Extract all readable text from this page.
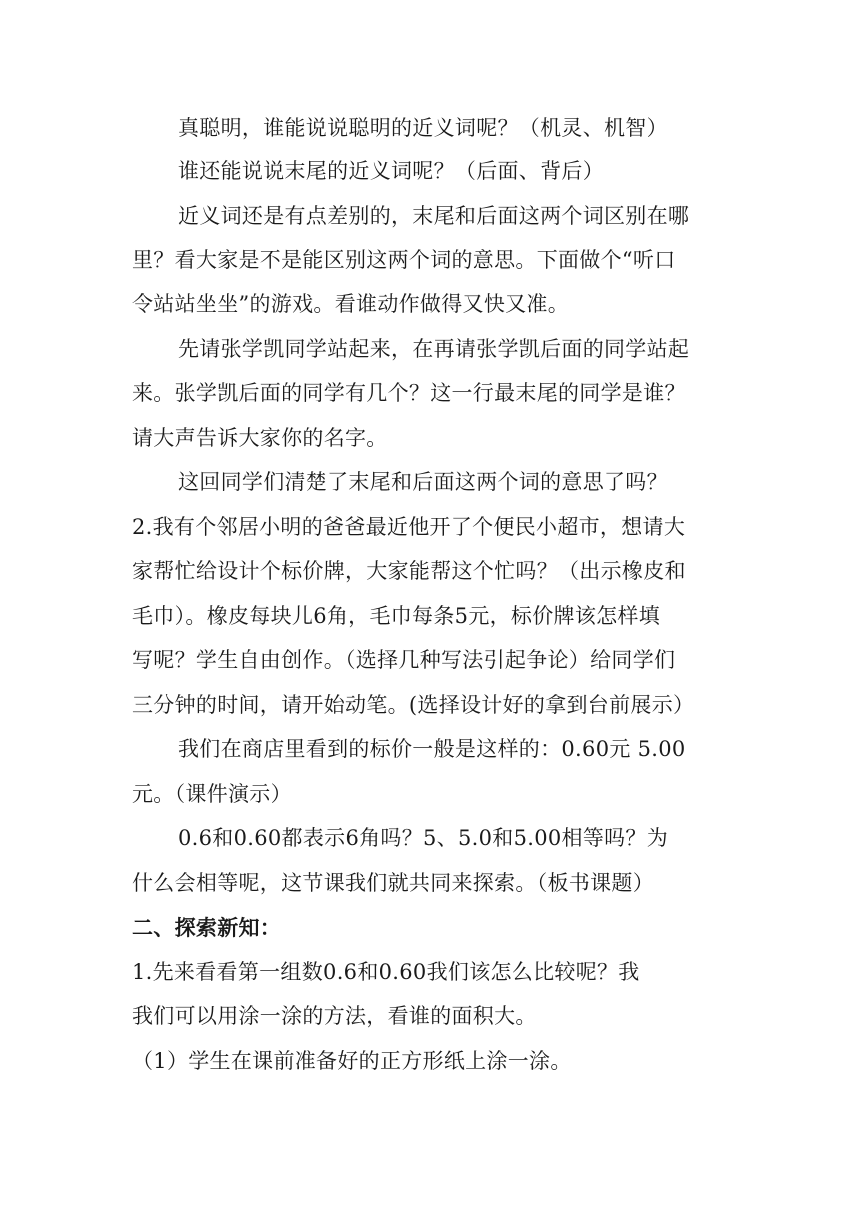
真聪明，谁能说说聪明的近义词呢？（机灵、机智）
谁还能说说末尾的近义词呢？（后面、背后）
近义词还是有点差别的，末尾和后面这两个词区别在哪
里？看大家是不是能区别这两个词的意思。下面做个“听口
令站站坐坐”的游戏。看谁动作做得又快又准。
先请张学凯同学站起来，在再请张学凯后面的同学站起
来。张学凯后面的同学有几个？这一行最末尾的同学是谁？
请大声告诉大家你的名字。
这回同学们清楚了末尾和后面这两个词的意思了吗？
2.我有个邻居小明的爸爸最近他开了个便民小超市，想请大
家帮忙给设计个标价牌，大家能帮这个忙吗？（出示橡皮和
毛巾）。橡皮每块儿6角，毛巾每条5元，标价牌该怎样填
写呢？学生自由创作。（选择几种写法引起争论）给同学们
三分钟的时间，请开始动笔。(选择设计好的拿到台前展示）
我们在商店里看到的标价一般是这样的：0.60元 5.00
元。（课件演示）
0.6和0.60都表示6角吗？5、5.0和5.00相等吗？为
什么会相等呢，这节课我们就共同来探索。（板书课题）
二、探索新知：
1.先来看看第一组数0.6和0.60我们该怎么比较呢？我
我们可以用涂一涂的方法，看谁的面积大。
（1）学生在课前准备好的正方形纸上涂一涂。
